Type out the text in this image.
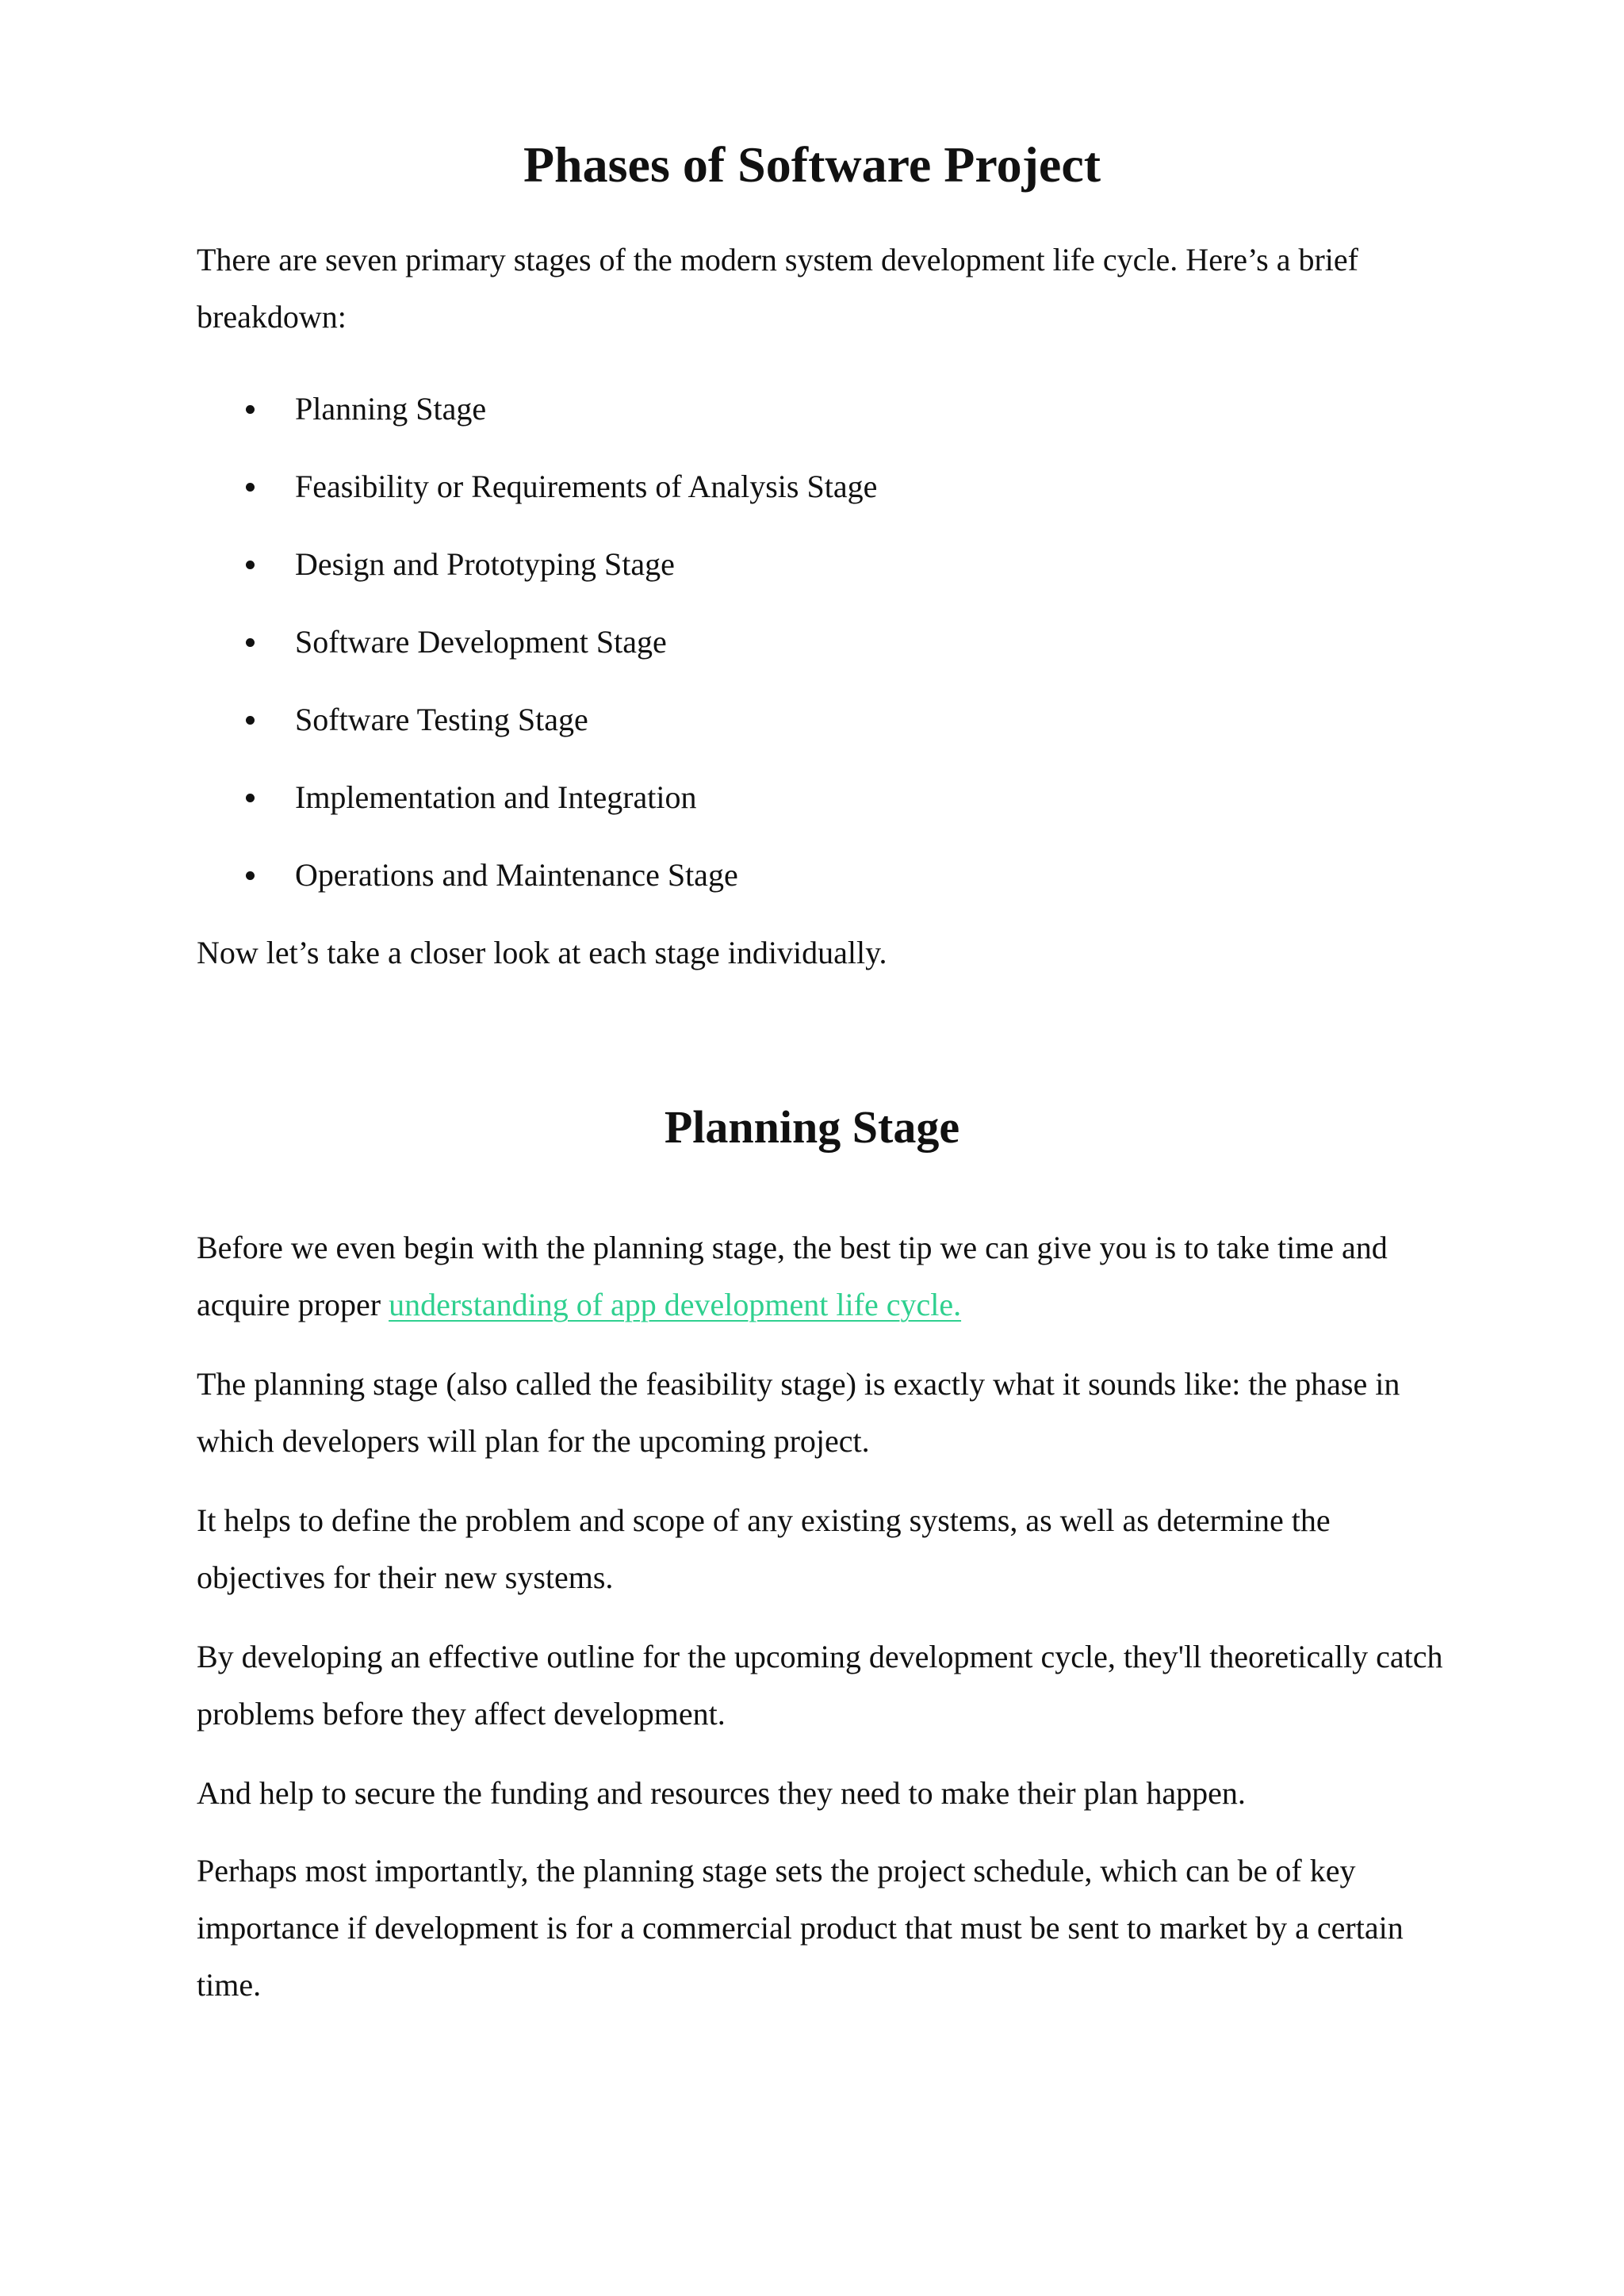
Phases of Software Project

There are seven primary stages of the modern system development life cycle. Here’s a brief breakdown:

Planning Stage
Feasibility or Requirements of Analysis Stage
Design and Prototyping Stage
Software Development Stage
Software Testing Stage
Implementation and Integration
Operations and Maintenance Stage

Now let’s take a closer look at each stage individually.

Planning Stage

Before we even begin with the planning stage, the best tip we can give you is to take time and acquire proper understanding of app development life cycle.

The planning stage (also called the feasibility stage) is exactly what it sounds like: the phase in which developers will plan for the upcoming project.

It helps to define the problem and scope of any existing systems, as well as determine the objectives for their new systems.

By developing an effective outline for the upcoming development cycle, they'll theoretically catch problems before they affect development.

And help to secure the funding and resources they need to make their plan happen.

Perhaps most importantly, the planning stage sets the project schedule, which can be of key importance if development is for a commercial product that must be sent to market by a certain time.
